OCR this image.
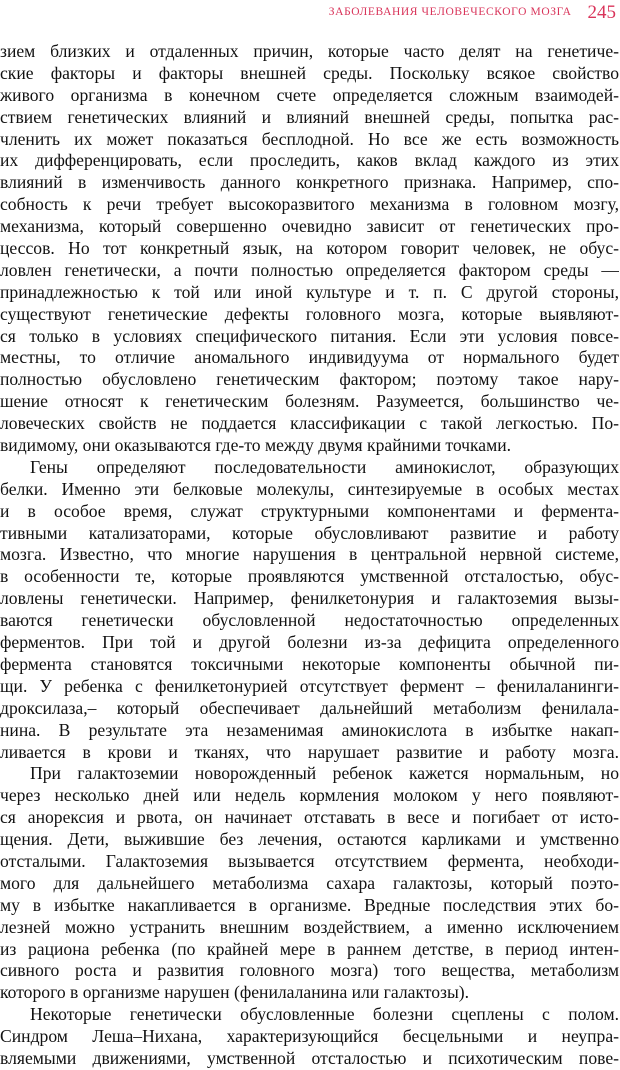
ЗАБОЛЕВАНИЯ ЧЕЛОВЕЧЕСКОГО МОЗГА 245
зием близких и отдаленных причин, которые часто делят на генетиче-
ские факторы и факторы внешней среды. Поскольку всякое свойство
живого организма в конечном счете определяется сложным взаимодей-
ствием генетических влияний и влияний внешней среды, попытка рас-
членить их может показаться бесплодной. Но все же есть возможность
их дифференцировать, если проследить, каков вклад каждого из этих
влияний в изменчивость данного конкретного признака. Например, спо-
собность к речи требует высокоразвитого механизма в головном мозгу,
механизма, который совершенно очевидно зависит от генетических про-
цессов. Но тот конкретный язык, на котором говорит человек, не обус-
ловлен генетически, а почти полностью определяется фактором среды —
принадлежностью к той или иной культуре и т. п. С другой стороны,
существуют генетические дефекты головного мозга, которые выявляют-
ся только в условиях специфического питания. Если эти условия повсе-
местны, то отличие аномального индивидуума от нормального будет
полностью обусловлено генетическим фактором; поэтому такое нару-
шение относят к генетическим болезням. Разумеется, большинство че-
ловеческих свойств не поддается классификации с такой легкостью. По-
видимому, они оказываются где-то между двумя крайними точками.
Гены определяют последовательности аминокислот, образующих
белки. Именно эти белковые молекулы, синтезируемые в особых местах
и в особое время, служат структурными компонентами и фермента-
тивными катализаторами, которые обусловливают развитие и работу
мозга. Известно, что многие нарушения в центральной нервной системе,
в особенности те, которые проявляются умственной отсталостью, обус-
ловлены генетически. Например, фенилкетонурия и галактоземия вызы-
ваются генетически обусловленной недостаточностью определенных
ферментов. При той и другой болезни из-за дефицита определенного
фермента становятся токсичными некоторые компоненты обычной пи-
щи. У ребенка с фенилкетонурией отсутствует фермент – фенилаланинги-
дроксилаза,– который обеспечивает дальнейший метаболизм фенилала-
нина. В результате эта незаменимая аминокислота в избытке накап-
ливается в крови и тканях, что нарушает развитие и работу мозга.
При галактоземии новорожденный ребенок кажется нормальным, но
через несколько дней или недель кормления молоком у него появляют-
ся анорексия и рвота, он начинает отставать в весе и погибает от исто-
щения. Дети, выжившие без лечения, остаются карликами и умственно
отсталыми. Галактоземия вызывается отсутствием фермента, необходи-
мого для дальнейшего метаболизма сахара галактозы, который поэто-
му в избытке накапливается в организме. Вредные последствия этих бо-
лезней можно устранить внешним воздействием, а именно исключением
из рациона ребенка (по крайней мере в раннем детстве, в период интен-
сивного роста и развития головного мозга) того вещества, метаболизм
которого в организме нарушен (фенилаланина или галактозы).
Некоторые генетически обусловленные болезни сцеплены с полом.
Синдром Леша–Нихана, характеризующийся бесцельными и неупра-
вляемыми движениями, умственной отсталостью и психотическим пове-
